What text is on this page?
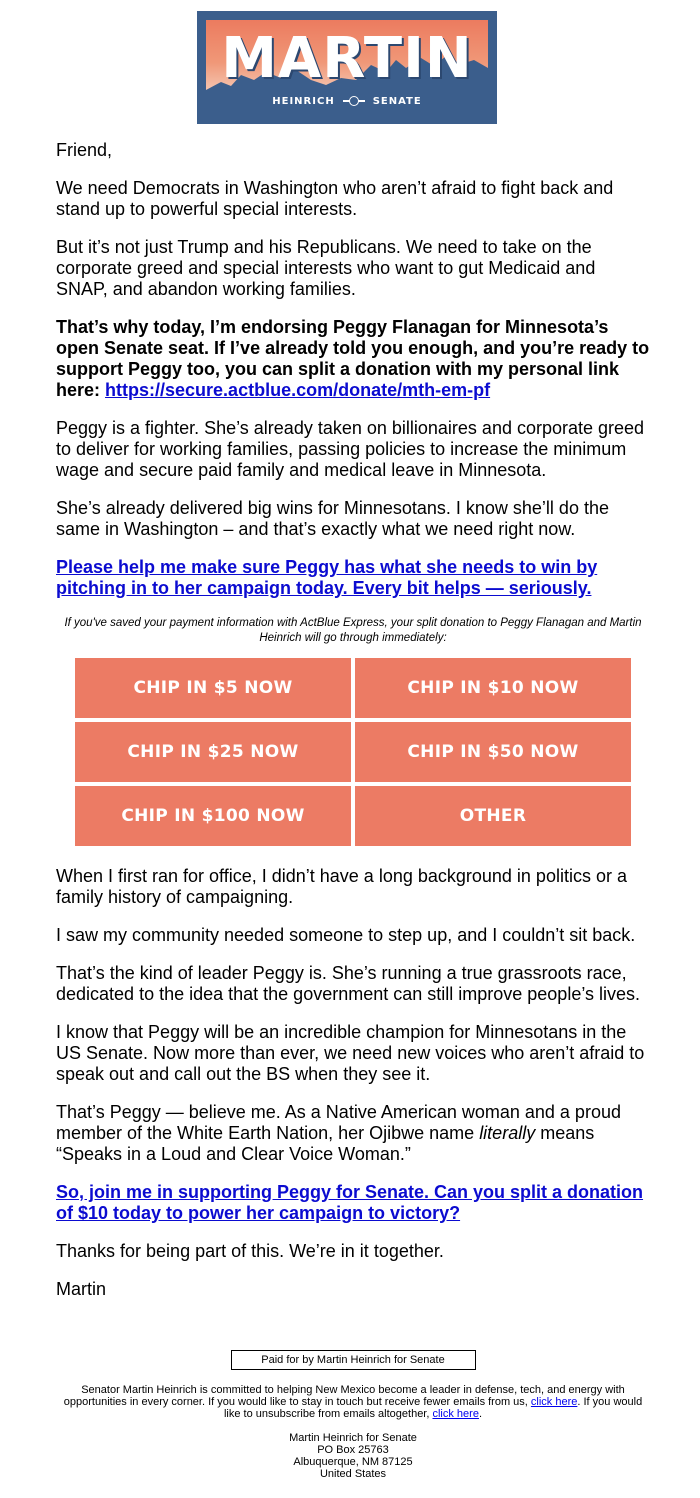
MARTIN
HEINRICH	SENATE

Friend,

We need Democrats in Washington who aren’t afraid to fight back and stand up to powerful special interests.

But it’s not just Trump and his Republicans. We need to take on the corporate greed and special interests who want to gut Medicaid and SNAP, and abandon working families.

That’s why today, I’m endorsing Peggy Flanagan for Minnesota’s open Senate seat. If I’ve already told you enough, and you’re ready to support Peggy too, you can split a donation with my personal link here: https://secure.actblue.com/donate/mth-em-pf

Peggy is a fighter. She’s already taken on billionaires and corporate greed to deliver for working families, passing policies to increase the minimum wage and secure paid family and medical leave in Minnesota.

She’s already delivered big wins for Minnesotans. I know she’ll do the same in Washington – and that’s exactly what we need right now.

Please help me make sure Peggy has what she needs to win by pitching in to her campaign today. Every bit helps — seriously.

If you've saved your payment information with ActBlue Express, your split donation to Peggy Flanagan and Martin Heinrich will go through immediately:
CHIP IN $5 NOW	CHIP IN $10 NOW
CHIP IN $25 NOW	CHIP IN $50 NOW
CHIP IN $100 NOW	OTHER

When I first ran for office, I didn’t have a long background in politics or a family history of campaigning.

I saw my community needed someone to step up, and I couldn’t sit back.

That’s the kind of leader Peggy is. She’s running a true grassroots race, dedicated to the idea that the government can still improve people’s lives.

I know that Peggy will be an incredible champion for Minnesotans in the US Senate. Now more than ever, we need new voices who aren’t afraid to speak out and call out the BS when they see it.

That’s Peggy — believe me. As a Native American woman and a proud member of the White Earth Nation, her Ojibwe name literally means “Speaks in a Loud and Clear Voice Woman.”

So, join me in supporting Peggy for Senate. Can you split a donation of $10 today to power her campaign to victory?

Thanks for being part of this. We’re in it together.

Martin

Paid for by Martin Heinrich for Senate
Senator Martin Heinrich is committed to helping New Mexico become a leader in defense, tech, and energy with opportunities in every corner. If you would like to stay in touch but receive fewer emails from us, click here. If you would like to unsubscribe from emails altogether, click here.
Martin Heinrich for Senate
PO Box 25763
Albuquerque, NM 87125
United States
